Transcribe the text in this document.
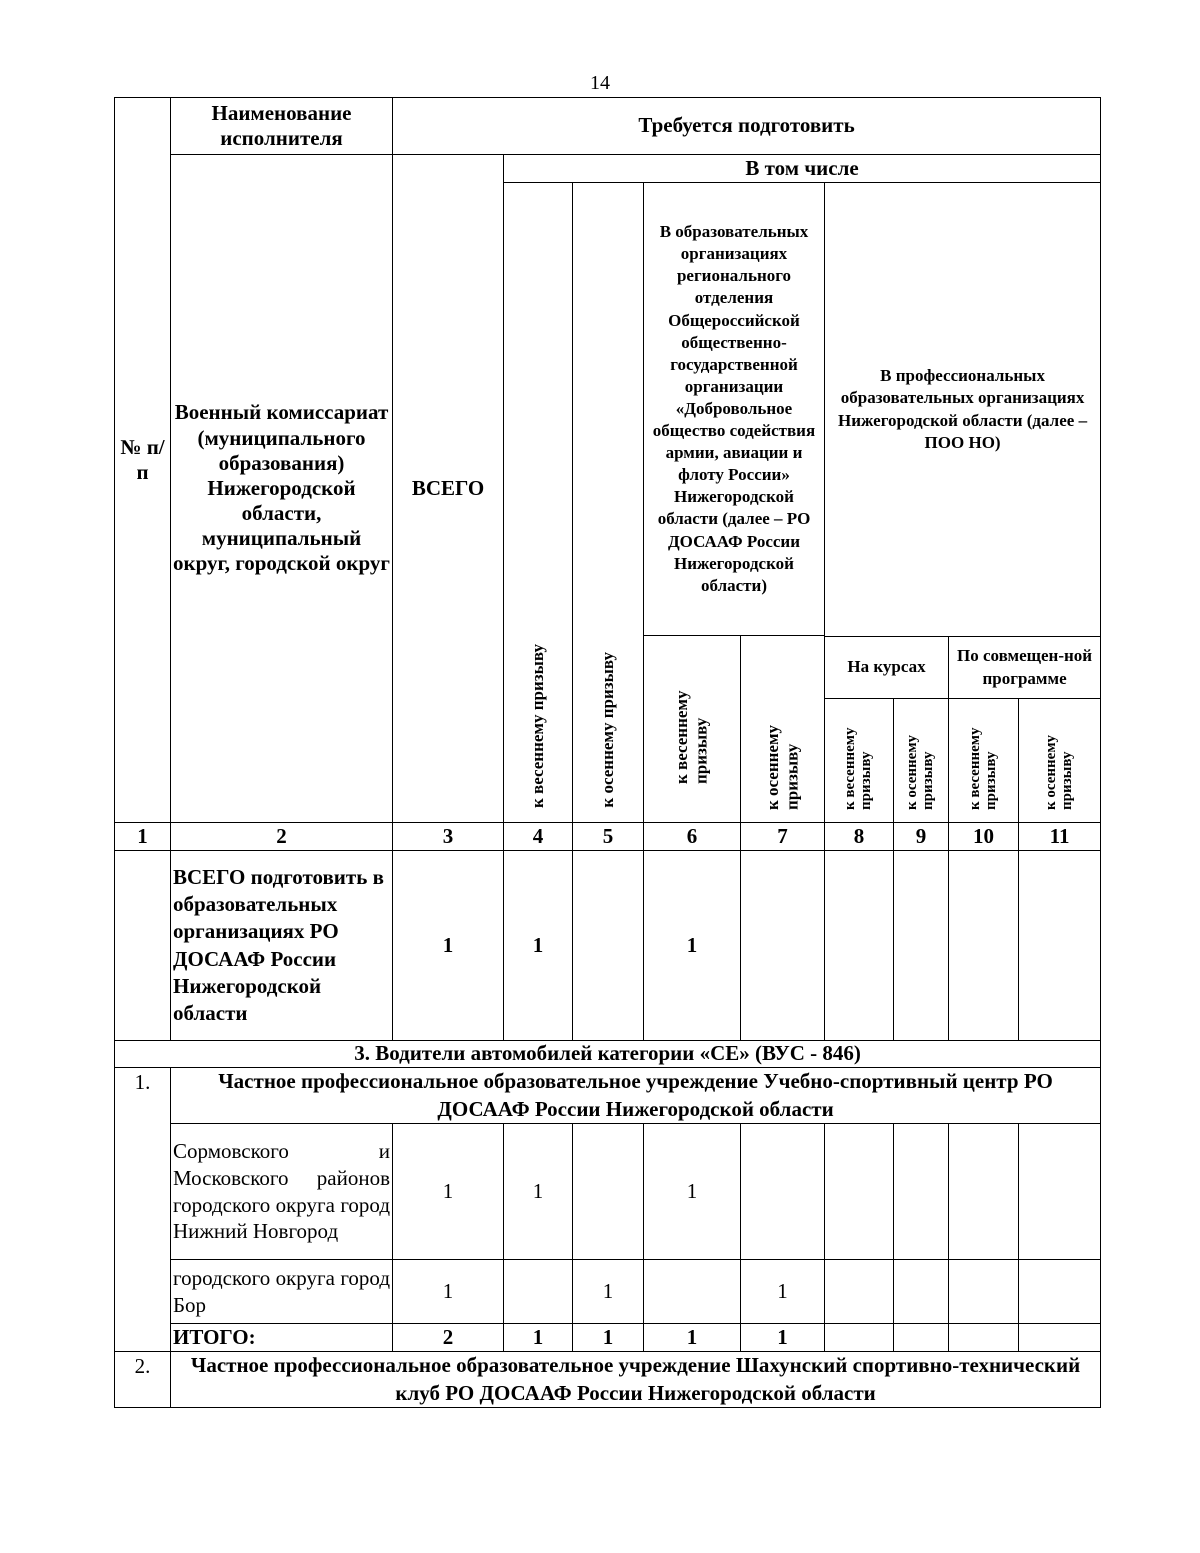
14
№ п/п	Наименование исполнителя	Требуется подготовить								
	Военный комиссариат (муниципального образования) Нижегородской области, муниципальный округ, городской округ	ВСЕГО	В том числе							
			к весеннему призыву	к осеннему призыву	В образовательных организациях регионального отделения Общероссийской общественно-государственной организации «Добровольное общество содействия армии, авиации и флоту России» Нижегородской области (далее – РО ДОСААФ России Нижегородской области)		В профессиональных образовательных организациях Нижегородской области (далее – ПОО НО)			
					к весеннему призыву	к осеннему призыву				
							На курсах		По совмещен-ной программе	
							к весеннему призыву	к осеннему призыву	к весеннему призыву	к осеннему призыву

1	2	3	4	5	6	7	8	9	10	11
	ВСЕГО подготовить в образовательных организациях РО ДОСААФ России Нижегородской области	1	1		1					
3. Водители автомобилей категории «СЕ» (ВУС - 846)										
1.	Частное профессиональное образовательное учреждение Учебно-спортивный центр РО ДОСААФ России Нижегородской области									
	Сормовского и Московского районов городского округа город Нижний Новгород	1	1		1					
	городского округа город Бор	1		1		1				
	ИТОГО:	2	1	1	1	1				
2.	Частное профессиональное образовательное учреждение Шахунский спортивно-технический клуб РО ДОСААФ России Нижегородской области									
